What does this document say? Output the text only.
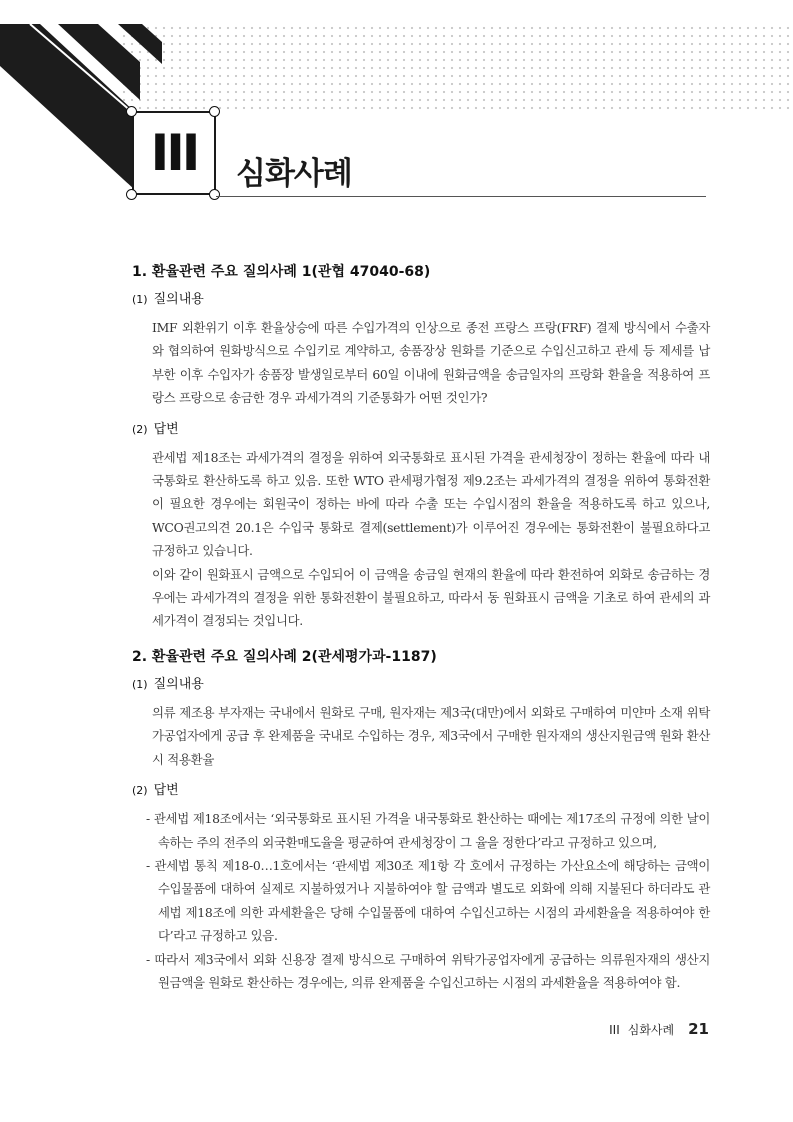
III 심화사례
1. 환율관련 주요 질의사례 1(관협 47040-68)
(1) 질의내용

IMF 외환위기 이후 환율상승에 따른 수입가격의 인상으로 종전 프랑스 프랑(FRF) 결제 방식에서 수출자와 협의하여 원화방식으로 수입키로 계약하고, 송품장상 원화를 기준으로 수입신고하고 관세 등 제세를 납부한 이후 수입자가 송품장 발생일로부터 60일 이내에 원화금액을 송금일자의 프랑화 환율을 적용하여 프랑스 프랑으로 송금한 경우 과세가격의 기준통화가 어떤 것인가?

(2) 답변

관세법 제18조는 과세가격의 결정을 위하여 외국통화로 표시된 가격을 관세청장이 정하는 환율에 따라 내국통화로 환산하도록 하고 있음. 또한 WTO 관세평가협정 제9.2조는 과세가격의 결정을 위하여 통화전환이 필요한 경우에는 회원국이 정하는 바에 따라 수출 또는 수입시점의 환율을 적용하도록 하고 있으나, WCO권고의견 20.1은 수입국 통화로 결제(settlement)가 이루어진 경우에는 통화전환이 불필요하다고 규정하고 있습니다.

이와 같이 원화표시 금액으로 수입되어 이 금액을 송금일 현재의 환율에 따라 환전하여 외화로 송금하는 경우에는 과세가격의 결정을 위한 통화전환이 불필요하고, 따라서 동 원화표시 금액을 기초로 하여 관세의 과세가격이 결정되는 것입니다.

2. 환율관련 주요 질의사례 2(관세평가과-1187)
(1) 질의내용

의류 제조용 부자재는 국내에서 원화로 구매, 원자재는 제3국(대만)에서 외화로 구매하여 미얀마 소재 위탁가공업자에게 공급 후 완제품을 국내로 수입하는 경우, 제3국에서 구매한 원자재의 생산지원금액 원화 환산시 적용환율

(2) 답변
- 관세법 제18조에서는 ‘외국통화로 표시된 가격을 내국통화로 환산하는 때에는 제17조의 규정에 의한 날이 속하는 주의 전주의 외국환매도율을 평균하여 관세청장이 그 율을 정한다’라고 규정하고 있으며,
- 관세법 통칙 제18-0…1호에서는 ‘관세법 제30조 제1항 각 호에서 규정하는 가산요소에 해당하는 금액이 수입물품에 대하여 실제로 지불하였거나 지불하여야 할 금액과 별도로 외화에 의해 지불된다 하더라도 관세법 제18조에 의한 과세환율은 당해 수입물품에 대하여 수입신고하는 시점의 과세환율을 적용하여야 한다’라고 규정하고 있음.
- 따라서 제3국에서 외화 신용장 결제 방식으로 구매하여 위탁가공업자에게 공급하는 의류원자재의 생산지원금액을 원화로 환산하는 경우에는, 의류 완제품을 수입신고하는 시점의 과세환율을 적용하여야 함.
III 심화사례 21
